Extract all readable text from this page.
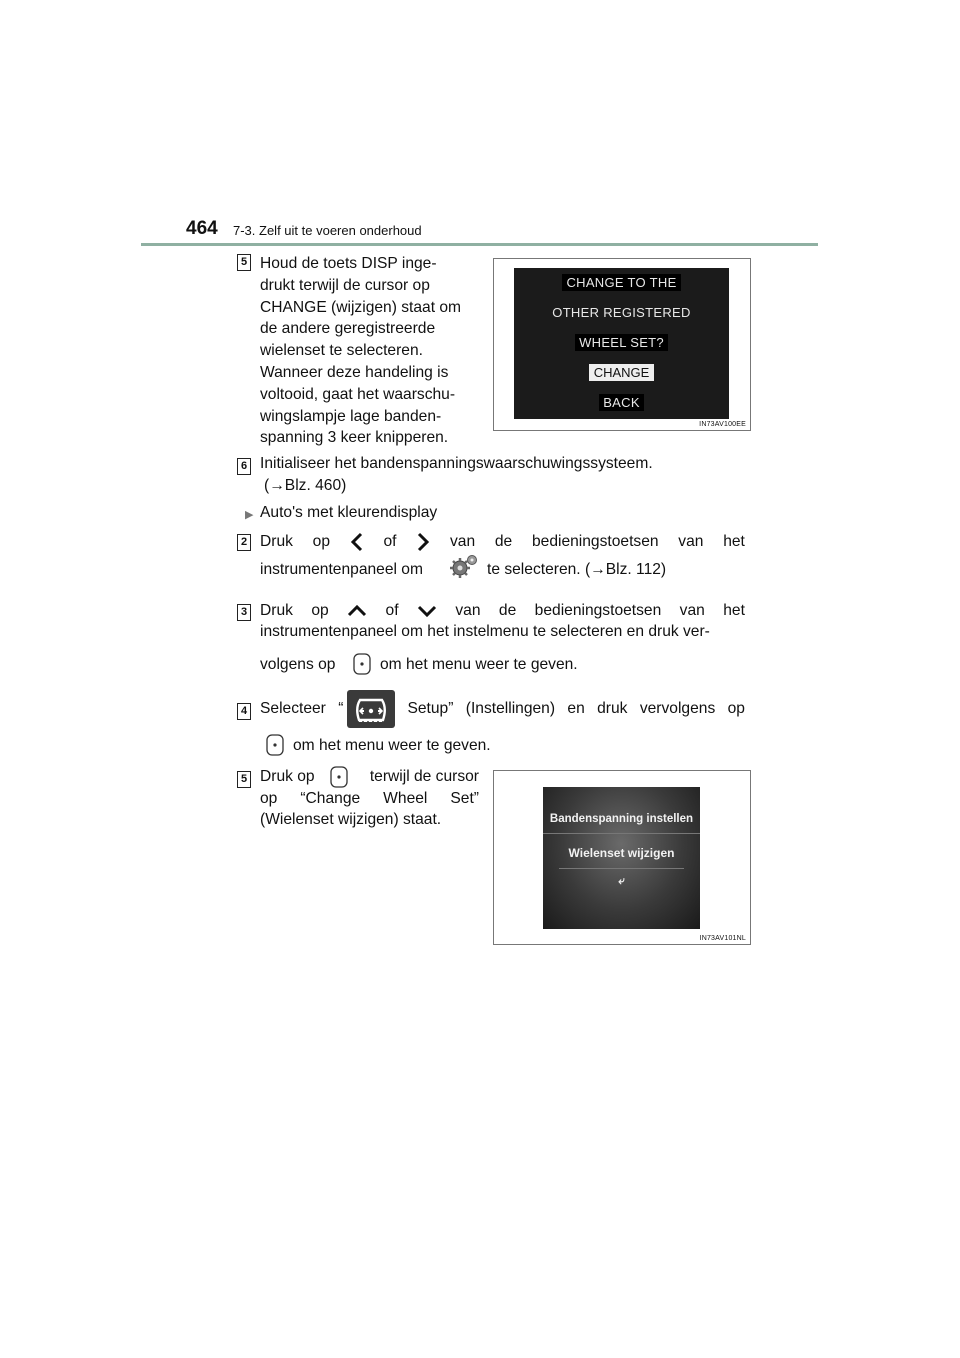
464 7-3. Zelf uit te voeren onderhoud
5 Houd de toets DISP inge-

drukt terwijl de cursor op

CHANGE (wijzigen) staat om

de andere geregistreerde

wielenset te selecteren.

Wanneer deze handeling is

voltooid, gaat het waarschu-

wingslampje lage banden-

spanning 3 keer knipperen.

CHANGE TO THE
OTHER REGISTERED
WHEEL SET?
CHANGE
BACK
IN73AV100EE
6 Initialiseer het bandenspanningswaarschuwingssysteem.
(→Blz. 460)
▶ Auto's met kleurendisplay
2 Druk op	of	van de bedieningstoetsen van het
instrumentenpaneel om	te selecteren. (→Blz. 112)
3 Druk op	of	van de bedieningstoetsen van het
instrumentenpaneel om het instelmenu te selecteren en druk ver-
volgens op	om het menu weer te geven.
4 Selecteer “	Setup” (Instellingen) en druk vervolgens op
om het menu weer te geven.
5 Druk op	terwijl de cursor
op “Change Wheel Set”
(Wielenset wijzigen) staat.	Bandenspanning instellen
Wielenset wijzigen
⤶
IN73AV101NL
